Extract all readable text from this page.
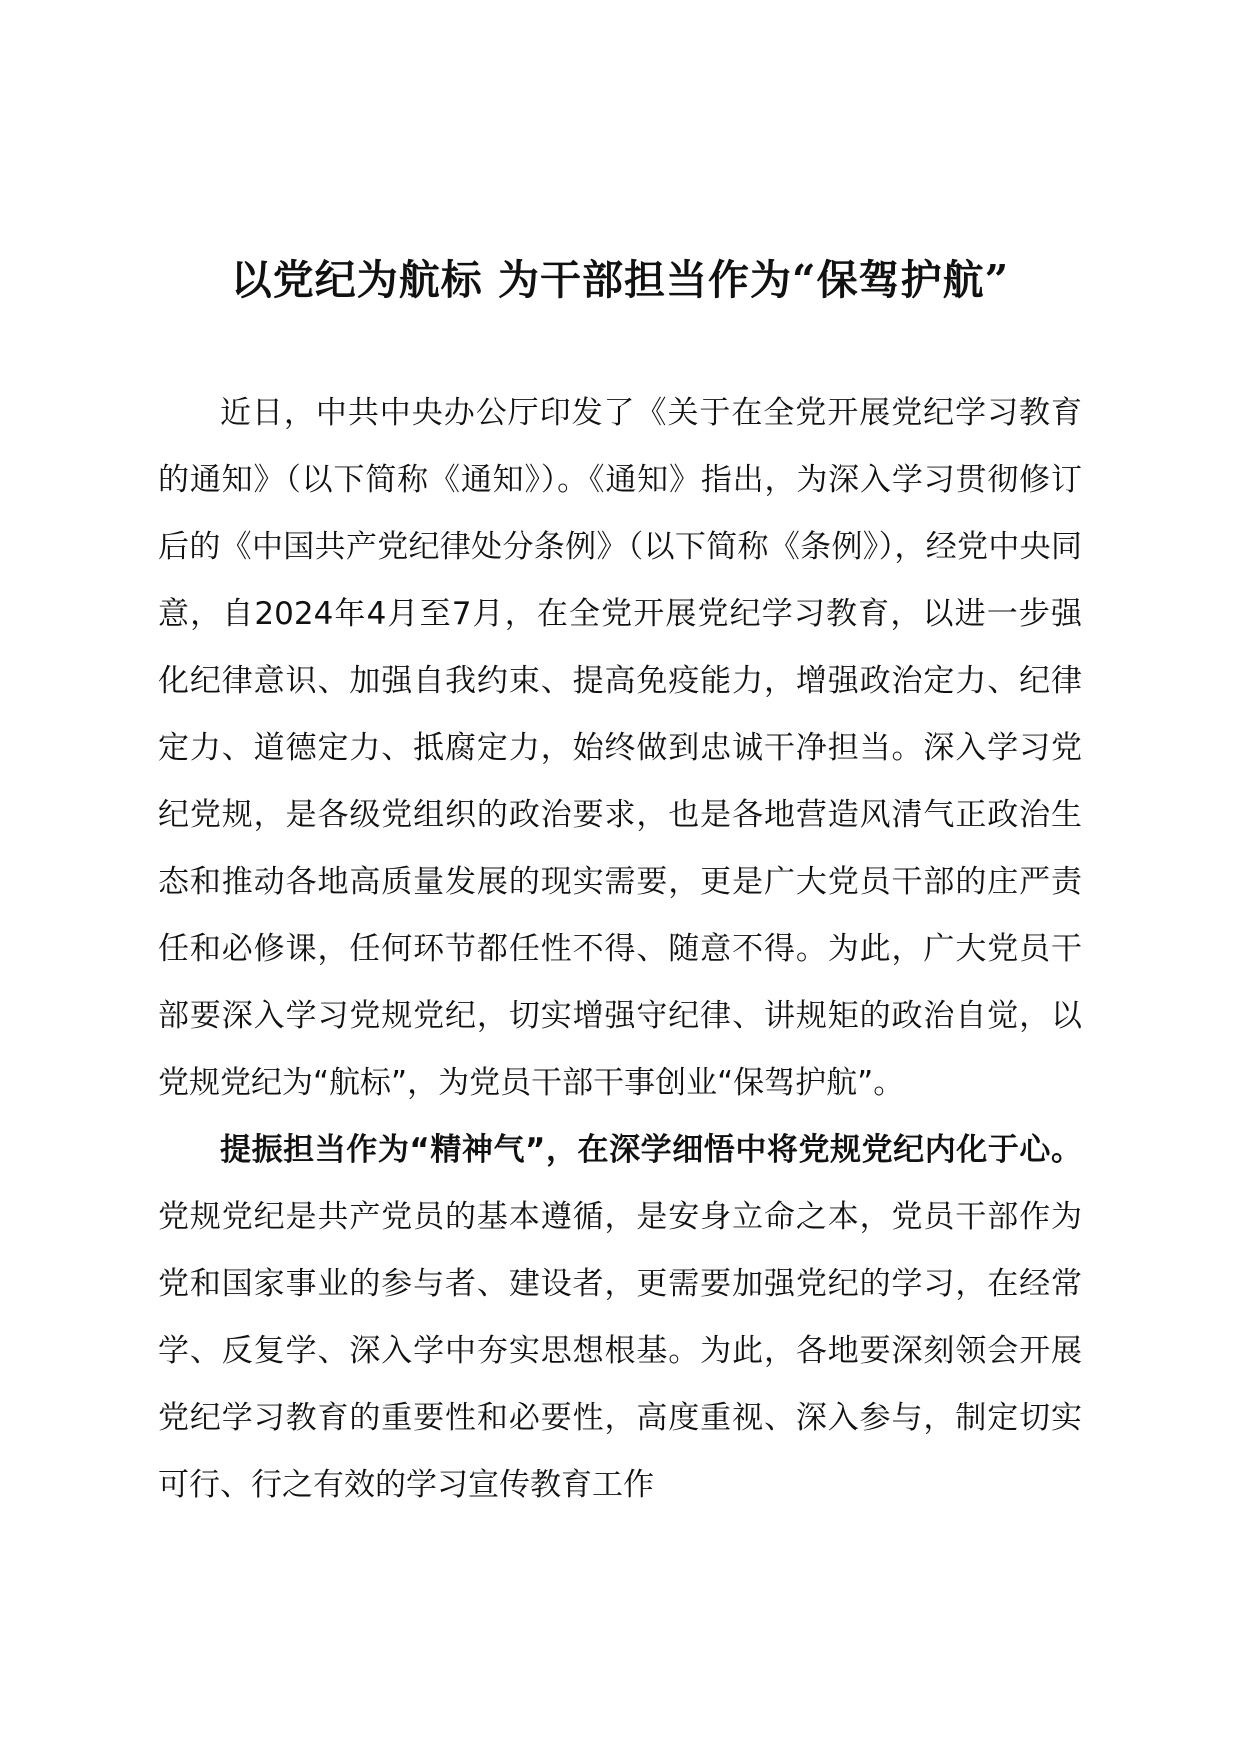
以党纪为航标 为干部担当作为“保驾护航”

近日，中共中央办公厅印发了《关于在全党开展党纪学习教育的通知》（以下简称《通知》）。《通知》指出，为深入学习贯彻修订后的《中国共产党纪律处分条例》（以下简称《条例》），经党中央同意，自2024年4月至7月，在全党开展党纪学习教育，以进一步强化纪律意识、加强自我约束、提高免疫能力，增强政治定力、纪律定力、道德定力、抵腐定力，始终做到忠诚干净担当。深入学习党纪党规，是各级党组织的政治要求，也是各地营造风清气正政治生态和推动各地高质量发展的现实需要，更是广大党员干部的庄严责任和必修课，任何环节都任性不得、随意不得。为此，广大党员干部要深入学习党规党纪，切实增强守纪律、讲规矩的政治自觉，以党规党纪为“航标”，为党员干部干事创业“保驾护航”。

提振担当作为“精神气”，在深学细悟中将党规党纪内化于心。党规党纪是共产党员的基本遵循，是安身立命之本，党员干部作为党和国家事业的参与者、建设者，更需要加强党纪的学习，在经常学、反复学、深入学中夯实思想根基。为此，各地要深刻领会开展党纪学习教育的重要性和必要性，高度重视、深入参与，制定切实可行、行之有效的学习宣传教育工作
